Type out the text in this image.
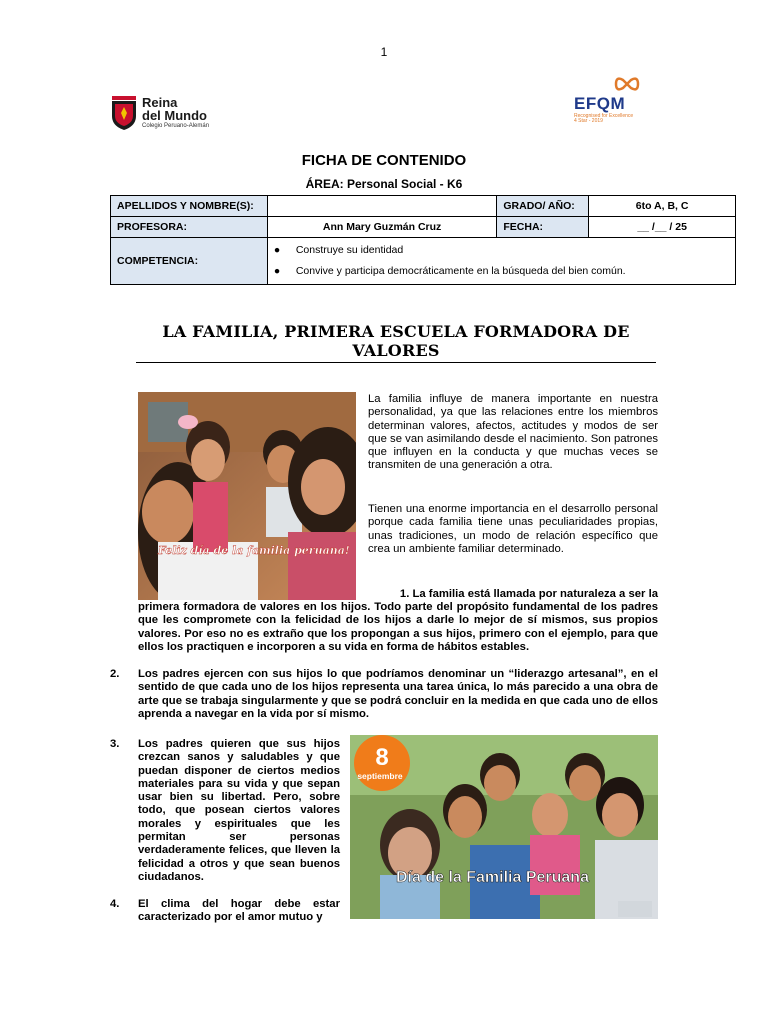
1
Reina
del Mundo
Colegio Peruano-Alemán
EFQM
Recognised for Excellence
4 Star - 2019
FICHA DE CONTENIDO
ÁREA: Personal Social - K6
APELLIDOS Y NOMBRE(S):		GRADO/ AÑO:	6to A, B, C
PROFESORA:	Ann Mary Guzmán Cruz	FECHA:	__ /__ / 25
COMPETENCIA:	● Construye su identidad
● Convive y participa democráticamente en la búsqueda del bien común.		
LA FAMILIA, PRIMERA ESCUELA FORMADORA DE VALORES
Feliz día de la familia peruana!
La familia influye de manera importante en nuestra personalidad, ya que las relaciones entre los miembros determinan valores, afectos, actitudes y modos de ser que se van asimilando desde el nacimiento. Son patrones que influyen en la conducta y que muchas veces se transmiten de una generación a otra.
Tienen una enorme importancia en el desarrollo personal porque cada familia tiene unas peculiaridades propias, unas tradiciones, un modo de relación específico que crea un ambiente familiar determinado.
1. La familia está llamada por naturaleza a ser la
primera formadora de valores en los hijos. Todo parte del propósito fundamental de los padres que les compromete con la felicidad de los hijos a darle lo mejor de sí mismos, sus propios valores. Por eso no es extraño que los propongan a sus hijos, primero con el ejemplo, para que ellos los practiquen e incorporen a su vida en forma de hábitos estables.
2. Los padres ejercen con sus hijos lo que podríamos denominar un “liderazgo artesanal”, en el sentido de que cada uno de los hijos representa una tarea única, lo más parecido a una obra de arte que se trabaja singularmente y que se podrá concluir en la medida en que cada uno de ellos aprenda a navegar en la vida por sí mismo.
3. Los padres quieren que sus hijos crezcan sanos y saludables y que puedan disponer de ciertos medios materiales para su vida y que sepan usar bien su libertad. Pero, sobre todo, que posean ciertos valores morales y espirituales que les permitan ser personas verdaderamente felices, que lleven la felicidad a otros y que sean buenos ciudadanos.
4. El clima del hogar debe estar caracterizado por el amor mutuo y
8
septiembre
Día de la Familia Peruana
